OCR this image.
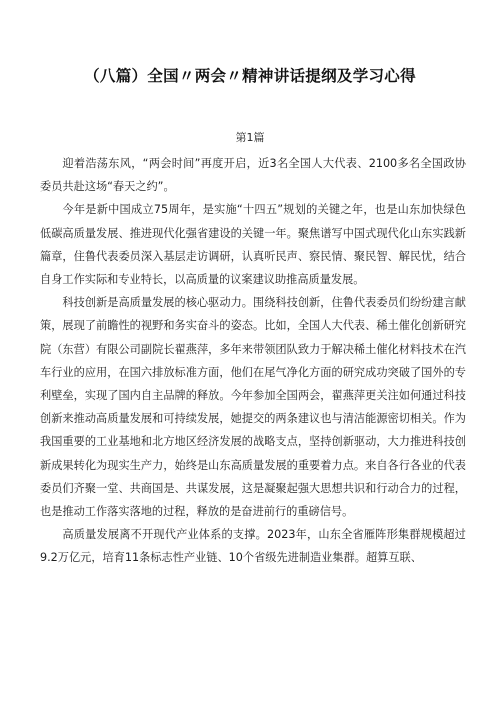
（八篇）全国〃两会〃精神讲话提纲及学习心得
第1篇

迎着浩荡东风，“两会时间”再度开启，近3名全国人大代表、2100多名全国政协委员共赴这场“春天之约”。

今年是新中国成立75周年，是实施“十四五”规划的关键之年，也是山东加快绿色低碳高质量发展、推进现代化强省建设的关键一年。聚焦谱写中国式现代化山东实践新篇章，住鲁代表委员深入基层走访调研，认真听民声、察民情、聚民智、解民忧，结合自身工作实际和专业特长，以高质量的议案建议助推高质量发展。

科技创新是高质量发展的核心驱动力。围绕科技创新，住鲁代表委员们纷纷建言献策，展现了前瞻性的视野和务实奋斗的姿态。比如，全国人大代表、稀土催化创新研究院（东营）有限公司副院长翟燕萍，多年来带领团队致力于解决稀土催化材料技术在汽车行业的应用，在国六排放标准方面，他们在尾气净化方面的研究成功突破了国外的专利壁垒，实现了国内自主品牌的释放。今年参加全国两会，翟燕萍更关注如何通过科技创新来推动高质量发展和可持续发展，她提交的两条建议也与清洁能源密切相关。作为我国重要的工业基地和北方地区经济发展的战略支点，坚持创新驱动，大力推进科技创新成果转化为现实生产力，始终是山东高质量发展的重要着力点。来自各行各业的代表委员们齐聚一堂、共商国是、共谋发展，这是凝聚起强大思想共识和行动合力的过程，也是推动工作落实落地的过程，释放的是奋进前行的重磅信号。

高质量发展离不开现代产业体系的支撑。2023年，山东全省雁阵形集群规模超过9.2万亿元，培育11条标志性产业链、10个省级先进制造业集群。超算互联、
